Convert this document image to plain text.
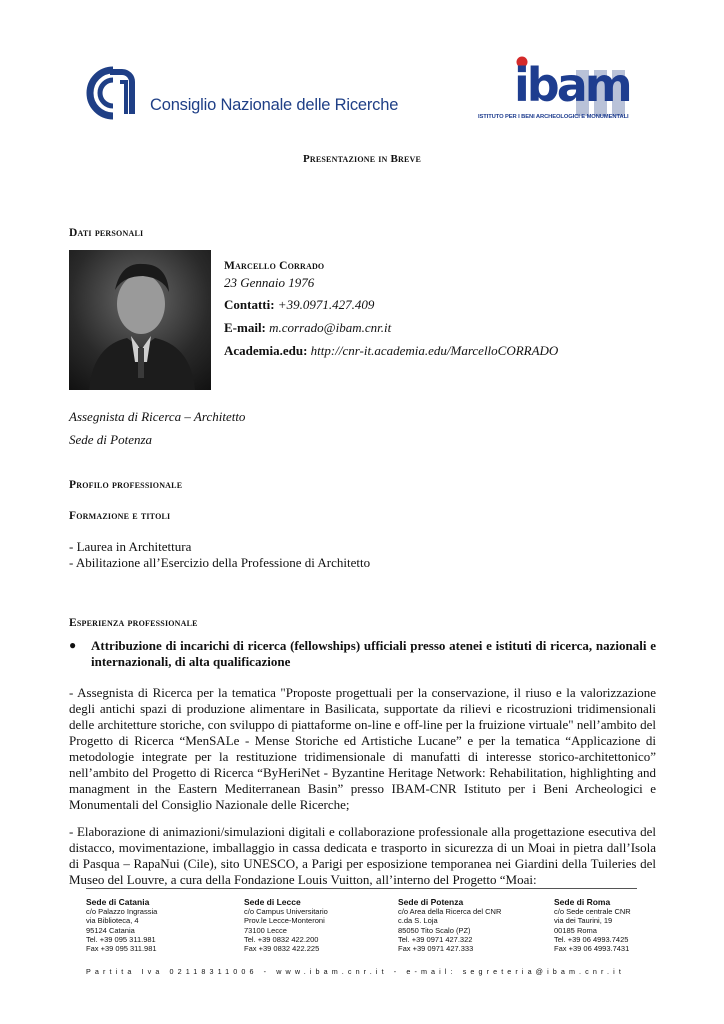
Consiglio Nazionale delle Ricerche	ibam
ISTITUTO PER I BENI ARCHEOLOGICI E MONUMENTALI
Presentazione in Breve
Dati personali
Marcello Corrado
23 Gennaio 1976
Contatti: +39.0971.427.409
E-mail: m.corrado@ibam.cnr.it
Academia.edu: http://cnr-it.academia.edu/MarcelloCORRADO
Assegnista di Ricerca – Architetto
Sede di Potenza
Profilo professionale
Formazione e titoli
- Laurea in Architettura
- Abilitazione all’Esercizio della Professione di Architetto
Esperienza professionale
● Attribuzione di incarichi di ricerca (fellowships) ufficiali presso atenei e istituti di ricerca, nazionali e internazionali, di alta qualificazione
- Assegnista di Ricerca per la tematica "Proposte progettuali per la conservazione, il riuso e la valorizzazione degli antichi spazi di produzione alimentare in Basilicata, supportate da rilievi e ricostruzioni tridimensionali delle architetture storiche, con sviluppo di piattaforme on-line e off-line per la fruizione virtuale" nell’ambito del Progetto di Ricerca “MenSALe - Mense Storiche ed Artistiche Lucane” e per la tematica “Applicazione di metodologie integrate per la restituzione tridimensionale di manufatti di interesse storico-architettonico” nell’ambito del Progetto di Ricerca “ByHeriNet - Byzantine Heritage Network: Rehabilitation, highlighting and managment in the Eastern Mediterranean Basin” presso IBAM-CNR Istituto per i Beni Archeologici e Monumentali del Consiglio Nazionale delle Ricerche;
- Elaborazione di animazioni/simulazioni digitali e collaborazione professionale alla progettazione esecutiva del distacco, movimentazione, imballaggio in cassa dedicata e trasporto in sicurezza di un Moai in pietra dall’Isola di Pasqua – RapaNui (Cile), sito UNESCO, a Parigi per esposizione temporanea nei Giardini della Tuileries del Museo del Louvre, a cura della Fondazione Louis Vuitton, all’interno del Progetto “Moai:
Sede di Catania
c/o Palazzo Ingrassia
via Biblioteca, 4
95124 Catania
Tel. +39 095 311.981
Fax +39 095 311.981
Sede di Lecce
c/o Campus Universitario
Prov.le Lecce-Monteroni
73100 Lecce
Tel. +39 0832 422.200
Fax +39 0832 422.225
Sede di Potenza
c/o Area della Ricerca del CNR
c.da S. Loja
85050 Tito Scalo (PZ)
Tel. +39 0971 427.322
Fax +39 0971 427.333
Sede di Roma
c/o Sede centrale CNR
via dei Taurini, 19
00185 Roma
Tel. +39 06 4993.7425
Fax +39 06 4993.7431
Partita Iva 02118311006 - www.ibam.cnr.it - e-mail: segreteria@ibam.cnr.it
